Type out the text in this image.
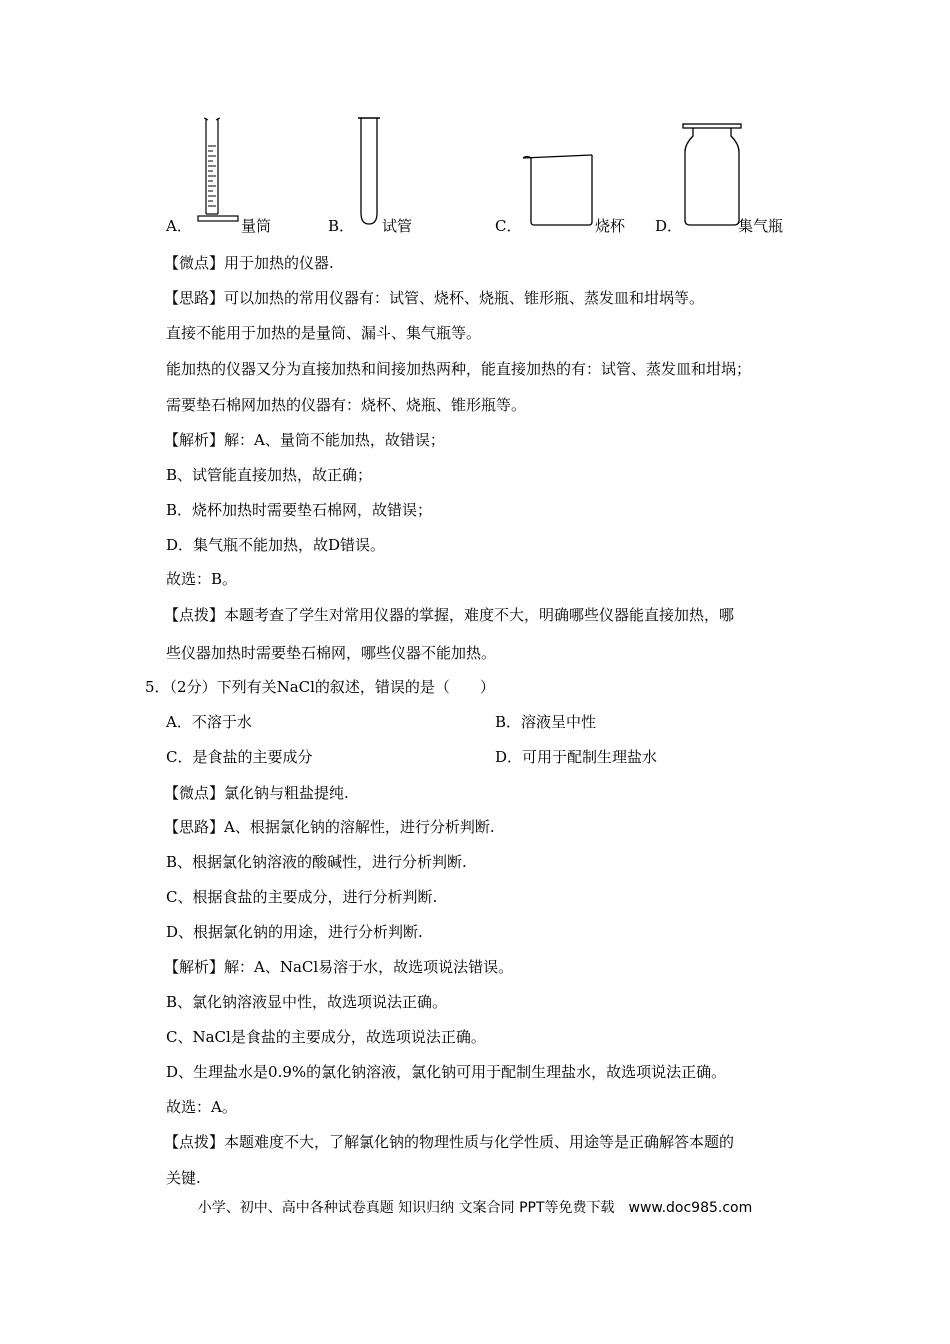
A．	量筒	B． 试管	C．	烧杯 D．	集气瓶
【微点】用于加热的仪器.
【思路】可以加热的常用仪器有：试管、烧杯、烧瓶、锥形瓶、蒸发皿和坩埚等。
直接不能用于加热的是量筒、漏斗、集气瓶等。
能加热的仪器又分为直接加热和间接加热两种，能直接加热的有：试管、蒸发皿和坩埚；
需要垫石棉网加热的仪器有：烧杯、烧瓶、锥形瓶等。
【解析】解：A、量筒不能加热，故错误；
B、试管能直接加热，故正确；
B．烧杯加热时需要垫石棉网，故错误；
D．集气瓶不能加热，故D错误。
故选：B。
【点拨】本题考查了学生对常用仪器的掌握，难度不大，明确哪些仪器能直接加热，哪
些仪器加热时需要垫石棉网，哪些仪器不能加热。
5．（2分）下列有关NaCl的叙述，错误的是（　　）
A．不溶于水	B．溶液呈中性
C．是食盐的主要成分	D．可用于配制生理盐水
【微点】氯化钠与粗盐提纯.
【思路】A、根据氯化钠的溶解性，进行分析判断.
B、根据氯化钠溶液的酸碱性，进行分析判断.
C、根据食盐的主要成分，进行分析判断.
D、根据氯化钠的用途，进行分析判断.
【解析】解：A、NaCl易溶于水，故选项说法错误。
B、氯化钠溶液显中性，故选项说法正确。
C、NaCl是食盐的主要成分，故选项说法正确。
D、生理盐水是0.9%的氯化钠溶液，氯化钠可用于配制生理盐水，故选项说法正确。
故选：A。
【点拨】本题难度不大，了解氯化钠的物理性质与化学性质、用途等是正确解答本题的
关键.
小学、初中、高中各种试卷真题 知识归纳 文案合同 PPT等免费下载　www.doc985.com
